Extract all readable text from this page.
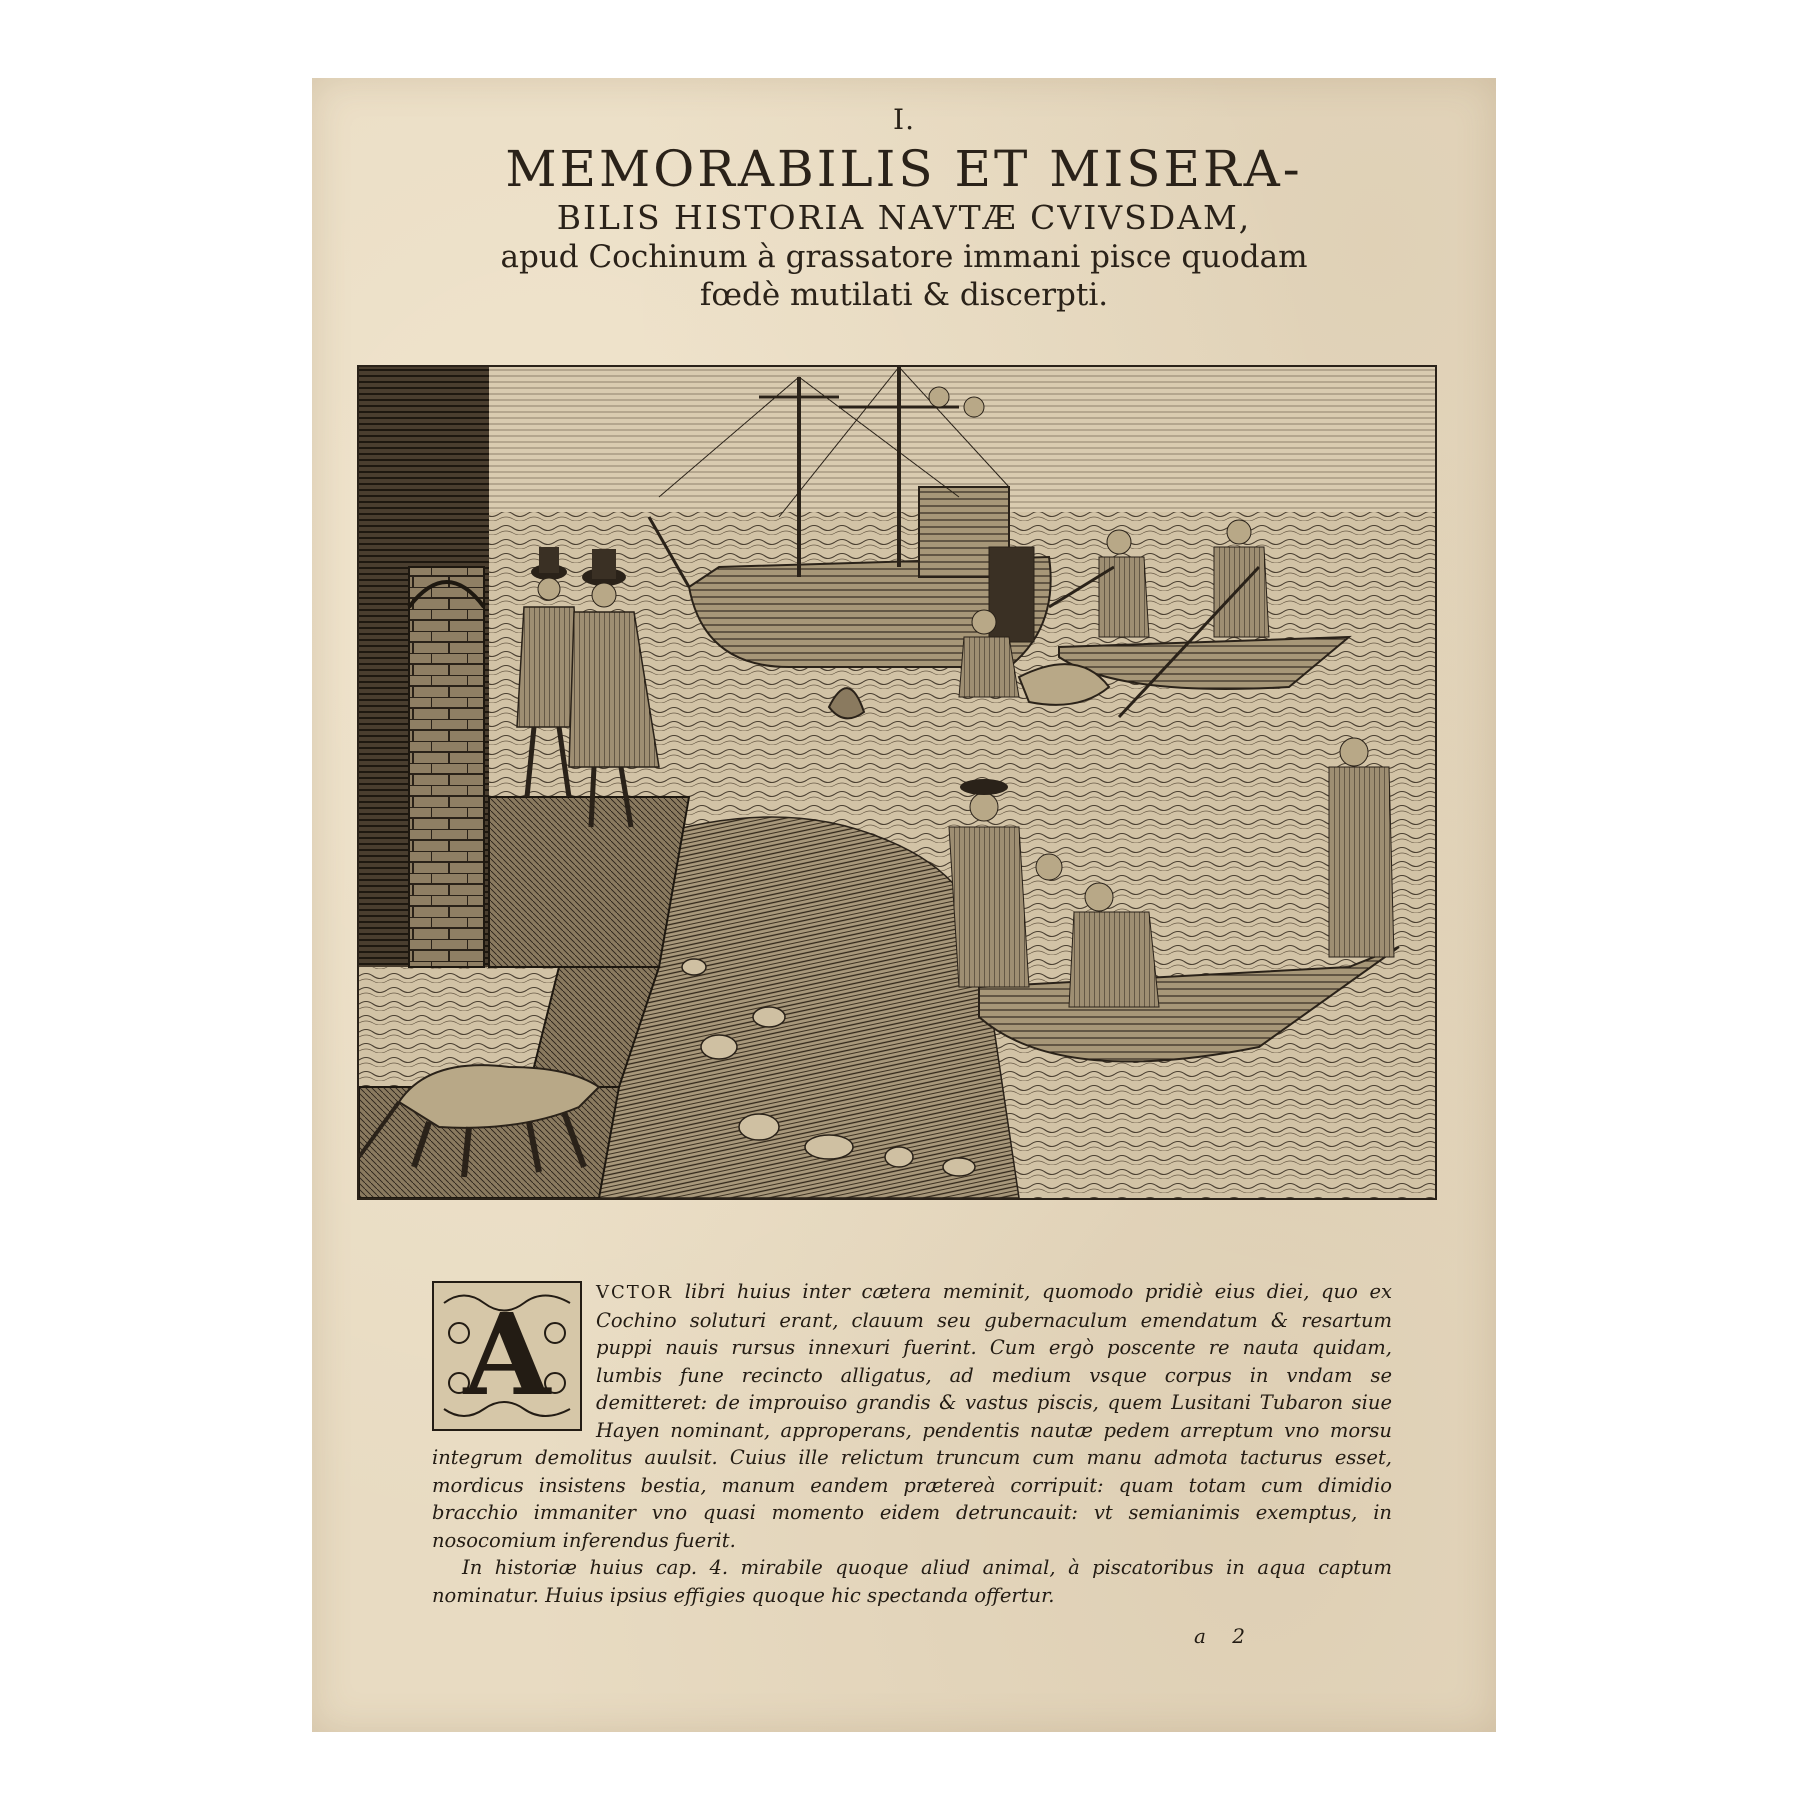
I.
MEMORABILIS ET MISERA-
BILIS HISTORIA NAVTÆ CVIVSDAM,
apud Cochinum à grassatore immani pisce quodam
fœdè mutilati & discerpti.
A	VCTOR libri huius inter cætera meminit, quomodo pridiè eius diei, quo ex Cochino soluturi erant, clauum seu gubernaculum emendatum & resartum puppi nauis rursus innexuri fuerint. Cum ergò poscente re nauta quidam, lumbis fune recincto alligatus, ad medium vsque corpus in vndam se demitteret: de improuiso grandis & vastus piscis, quem Lusitani Tubaron siue Hayen nominant, approperans, pendentis nautæ pedem arreptum vno morsu integrum demolitus auulsit. Cuius ille relictum truncum cum manu admota tacturus esset, mordicus insistens bestia, manum eandem prætereà corripuit: quam totam cum dimidio bracchio immaniter vno quasi momento eidem detruncauit: vt semianimis exemptus, in nosocomium inferendus fuerit.

In historiæ huius cap. 4. mirabile quoque aliud animal, à piscatoribus in aqua captum nominatur. Huius ipsius effigies quoque hic spectanda offertur.

a 2
